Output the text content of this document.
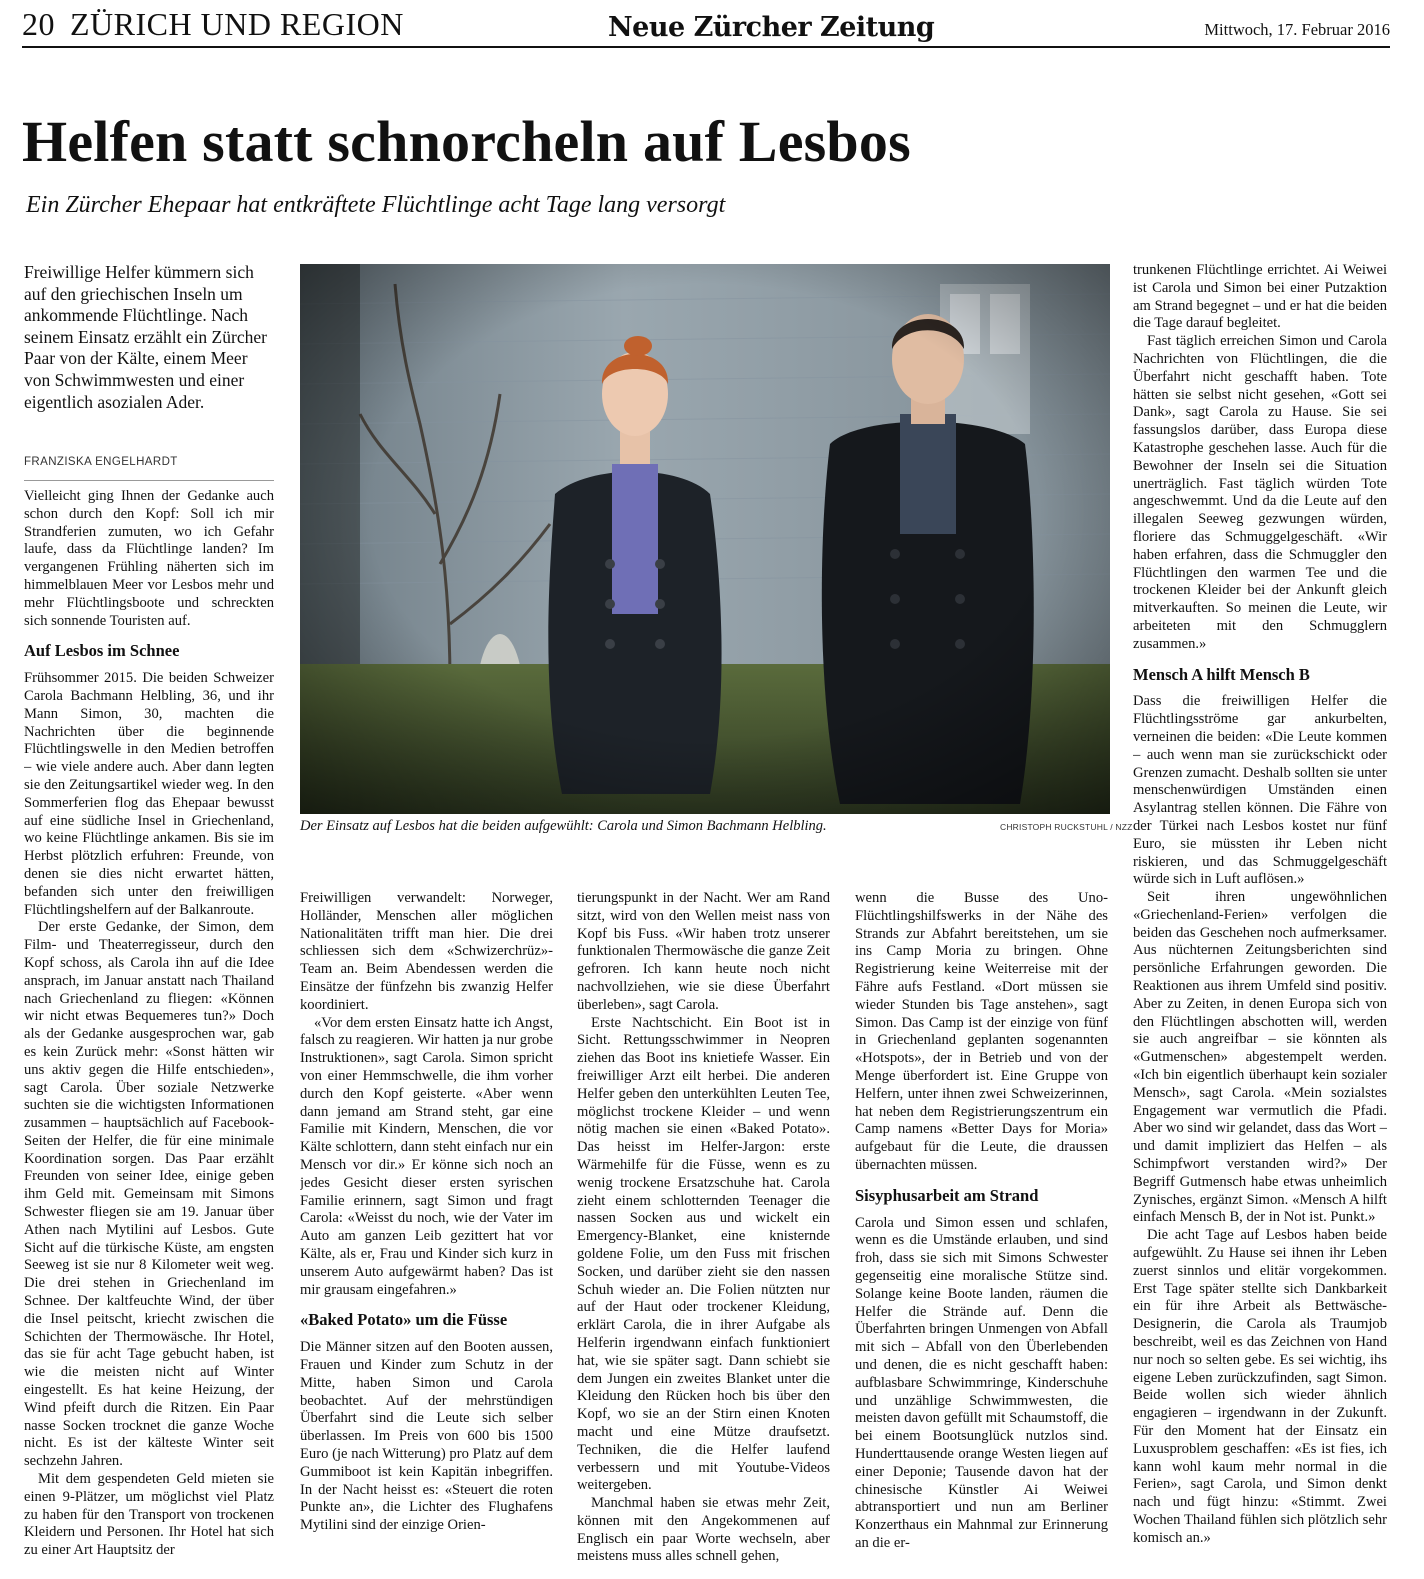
20 ZÜRICH UND REGION	Neue Zürcher Zeitung	Mittwoch, 17. Februar 2016
Helfen statt schnorcheln auf Lesbos
Ein Zürcher Ehepaar hat entkräftete Flüchtlinge acht Tage lang versorgt

Freiwillige Helfer kümmern sich auf den griechischen Inseln um ankommende Flüchtlinge. Nach seinem Einsatz erzählt ein Zürcher Paar von der Kälte, einem Meer von Schwimmwesten und einer eigentlich asozialen Ader.

FRANZISKA ENGELHARDT

Vielleicht ging Ihnen der Gedanke auch schon durch den Kopf: Soll ich mir Strandferien zumuten, wo ich Gefahr laufe, dass da Flüchtlinge landen? Im vergangenen Frühling näherten sich im himmelblauen Meer vor Lesbos mehr und mehr Flüchtlingsboote und schreckten sich sonnende Touristen auf.

Auf Lesbos im Schnee

Frühsommer 2015. Die beiden Schweizer Carola Bachmann Helbling, 36, und ihr Mann Simon, 30, machten die Nachrichten über die beginnende Flüchtlingswelle in den Medien betroffen – wie viele andere auch. Aber dann legten sie den Zeitungsartikel wieder weg. In den Sommerferien flog das Ehepaar bewusst auf eine südliche Insel in Griechenland, wo keine Flüchtlinge ankamen. Bis sie im Herbst plötzlich erfuhren: Freunde, von denen sie dies nicht erwartet hätten, befanden sich unter den freiwilligen Flüchtlingshelfern auf der Balkanroute.

Der erste Gedanke, der Simon, dem Film- und Theaterregisseur, durch den Kopf schoss, als Carola ihn auf die Idee ansprach, im Januar anstatt nach Thailand nach Griechenland zu fliegen: «Können wir nicht etwas Bequemeres tun?» Doch als der Gedanke ausgesprochen war, gab es kein Zurück mehr: «Sonst hätten wir uns aktiv gegen die Hilfe entschieden», sagt Carola. Über soziale Netzwerke suchten sie die wichtigsten Informationen zusammen – hauptsächlich auf Facebook-Seiten der Helfer, die für eine minimale Koordination sorgen. Das Paar erzählt Freunden von seiner Idee, einige geben ihm Geld mit. Gemeinsam mit Simons Schwester fliegen sie am 19. Januar über Athen nach Mytilini auf Lesbos. Gute Sicht auf die türkische Küste, am engsten Seeweg ist sie nur 8 Kilometer weit weg. Die drei stehen in Griechenland im Schnee. Der kaltfeuchte Wind, der über die Insel peitscht, kriecht zwischen die Schichten der Thermowäsche. Ihr Hotel, das sie für acht Tage gebucht haben, ist wie die meisten nicht auf Winter eingestellt. Es hat keine Heizung, der Wind pfeift durch die Ritzen. Ein Paar nasse Socken trocknet die ganze Woche nicht. Es ist der kälteste Winter seit sechzehn Jahren.

Mit dem gespendeten Geld mieten sie einen 9-Plätzer, um möglichst viel Platz zu haben für den Transport von trockenen Kleidern und Personen. Ihr Hotel hat sich zu einer Art Hauptsitz der

Der Einsatz auf Lesbos hat die beiden aufgewühlt: Carola und Simon Bachmann Helbling.	CHRISTOPH RUCKSTUHL / NZZ

Freiwilligen verwandelt: Norweger, Holländer, Menschen aller möglichen Nationalitäten trifft man hier. Die drei schliessen sich dem «Schwizerchrüz»-Team an. Beim Abendessen werden die Einsätze der fünfzehn bis zwanzig Helfer koordiniert.

«Vor dem ersten Einsatz hatte ich Angst, falsch zu reagieren. Wir hatten ja nur grobe Instruktionen», sagt Carola. Simon spricht von einer Hemmschwelle, die ihm vorher durch den Kopf geisterte. «Aber wenn dann jemand am Strand steht, gar eine Familie mit Kindern, Menschen, die vor Kälte schlottern, dann steht einfach nur ein Mensch vor dir.» Er könne sich noch an jedes Gesicht dieser ersten syrischen Familie erinnern, sagt Simon und fragt Carola: «Weisst du noch, wie der Vater im Auto am ganzen Leib gezittert hat vor Kälte, als er, Frau und Kinder sich kurz in unserem Auto aufgewärmt haben? Das ist mir grausam eingefahren.»

«Baked Potato» um die Füsse

Die Männer sitzen auf den Booten aussen, Frauen und Kinder zum Schutz in der Mitte, haben Simon und Carola beobachtet. Auf der mehrstündigen Überfahrt sind die Leute sich selber überlassen. Im Preis von 600 bis 1500 Euro (je nach Witterung) pro Platz auf dem Gummiboot ist kein Kapitän inbegriffen. In der Nacht heisst es: «Steuert die roten Punkte an», die Lichter des Flughafens Mytilini sind der einzige Orien-

tierungspunkt in der Nacht. Wer am Rand sitzt, wird von den Wellen meist nass von Kopf bis Fuss. «Wir haben trotz unserer funktionalen Thermowäsche die ganze Zeit gefroren. Ich kann heute noch nicht nachvollziehen, wie sie diese Überfahrt überleben», sagt Carola.

Erste Nachtschicht. Ein Boot ist in Sicht. Rettungsschwimmer in Neopren ziehen das Boot ins knietiefe Wasser. Ein freiwilliger Arzt eilt herbei. Die anderen Helfer geben den unterkühlten Leuten Tee, möglichst trockene Kleider – und wenn nötig machen sie einen «Baked Potato». Das heisst im Helfer-Jargon: erste Wärmehilfe für die Füsse, wenn es zu wenig trockene Ersatzschuhe hat. Carola zieht einem schlotternden Teenager die nassen Socken aus und wickelt ein Emergency-Blanket, eine knisternde goldene Folie, um den Fuss mit frischen Socken, und darüber zieht sie den nassen Schuh wieder an. Die Folien nützten nur auf der Haut oder trockener Kleidung, erklärt Carola, die in ihrer Aufgabe als Helferin irgendwann einfach funktioniert hat, wie sie später sagt. Dann schiebt sie dem Jungen ein zweites Blanket unter die Kleidung den Rücken hoch bis über den Kopf, wo sie an der Stirn einen Knoten macht und eine Mütze draufsetzt. Techniken, die die Helfer laufend verbessern und mit Youtube-Videos weitergeben.

Manchmal haben sie etwas mehr Zeit, können mit den Angekommenen auf Englisch ein paar Worte wechseln, aber meistens muss alles schnell gehen,

wenn die Busse des Uno-Flüchtlingshilfswerks in der Nähe des Strands zur Abfahrt bereitstehen, um sie ins Camp Moria zu bringen. Ohne Registrierung keine Weiterreise mit der Fähre aufs Festland. «Dort müssen sie wieder Stunden bis Tage anstehen», sagt Simon. Das Camp ist der einzige von fünf in Griechenland geplanten sogenannten «Hotspots», der in Betrieb und von der Menge überfordert ist. Eine Gruppe von Helfern, unter ihnen zwei Schweizerinnen, hat neben dem Registrierungszentrum ein Camp namens «Better Days for Moria» aufgebaut für die Leute, die draussen übernachten müssen.

Sisyphusarbeit am Strand

Carola und Simon essen und schlafen, wenn es die Umstände erlauben, und sind froh, dass sie sich mit Simons Schwester gegenseitig eine moralische Stütze sind. Solange keine Boote landen, räumen die Helfer die Strände auf. Denn die Überfahrten bringen Unmengen von Abfall mit sich – Abfall von den Überlebenden und denen, die es nicht geschafft haben: aufblasbare Schwimmringe, Kinderschuhe und unzählige Schwimmwesten, die meisten davon gefüllt mit Schaumstoff, die bei einem Bootsunglück nutzlos sind. Hunderttausende orange Westen liegen auf einer Deponie; Tausende davon hat der chinesische Künstler Ai Weiwei abtransportiert und nun am Berliner Konzerthaus ein Mahnmal zur Erinnerung an die er-

trunkenen Flüchtlinge errichtet. Ai Weiwei ist Carola und Simon bei einer Putzaktion am Strand begegnet – und er hat die beiden die Tage darauf begleitet.

Fast täglich erreichen Simon und Carola Nachrichten von Flüchtlingen, die die Überfahrt nicht geschafft haben. Tote hätten sie selbst nicht gesehen, «Gott sei Dank», sagt Carola zu Hause. Sie sei fassungslos darüber, dass Europa diese Katastrophe geschehen lasse. Auch für die Bewohner der Inseln sei die Situation unerträglich. Fast täglich würden Tote angeschwemmt. Und da die Leute auf den illegalen Seeweg gezwungen würden, floriere das Schmuggelgeschäft. «Wir haben erfahren, dass die Schmuggler den Flüchtlingen den warmen Tee und die trockenen Kleider bei der Ankunft gleich mitverkauften. So meinen die Leute, wir arbeiteten mit den Schmugglern zusammen.»

Mensch A hilft Mensch B

Dass die freiwilligen Helfer die Flüchtlingsströme gar ankurbelten, verneinen die beiden: «Die Leute kommen – auch wenn man sie zurückschickt oder Grenzen zumacht. Deshalb sollten sie unter menschenwürdigen Umständen einen Asylantrag stellen können. Die Fähre von der Türkei nach Lesbos kostet nur fünf Euro, sie müssten ihr Leben nicht riskieren, und das Schmuggelgeschäft würde sich in Luft auflösen.»

Seit ihren ungewöhnlichen «Griechenland-Ferien» verfolgen die beiden das Geschehen noch aufmerksamer. Aus nüchternen Zeitungsberichten sind persönliche Erfahrungen geworden. Die Reaktionen aus ihrem Umfeld sind positiv. Aber zu Zeiten, in denen Europa sich von den Flüchtlingen abschotten will, werden sie auch angreifbar – sie könnten als «Gutmenschen» abgestempelt werden. «Ich bin eigentlich überhaupt kein sozialer Mensch», sagt Carola. «Mein sozialstes Engagement war vermutlich die Pfadi. Aber wo sind wir gelandet, dass das Wort – und damit impliziert das Helfen – als Schimpfwort verstanden wird?» Der Begriff Gutmensch habe etwas unheimlich Zynisches, ergänzt Simon. «Mensch A hilft einfach Mensch B, der in Not ist. Punkt.»

Die acht Tage auf Lesbos haben beide aufgewühlt. Zu Hause sei ihnen ihr Leben zuerst sinnlos und elitär vorgekommen. Erst Tage später stellte sich Dankbarkeit ein für ihre Arbeit als Bettwäsche-Designerin, die Carola als Traumjob beschreibt, weil es das Zeichnen von Hand nur noch so selten gebe. Es sei wichtig, ihs eigene Leben zurückzufinden, sagt Simon. Beide wollen sich wieder ähnlich engagieren – irgendwann in der Zukunft. Für den Moment hat der Einsatz ein Luxusproblem geschaffen: «Es ist fies, ich kann wohl kaum mehr normal in die Ferien», sagt Carola, und Simon denkt nach und fügt hinzu: «Stimmt. Zwei Wochen Thailand fühlen sich plötzlich sehr komisch an.»
